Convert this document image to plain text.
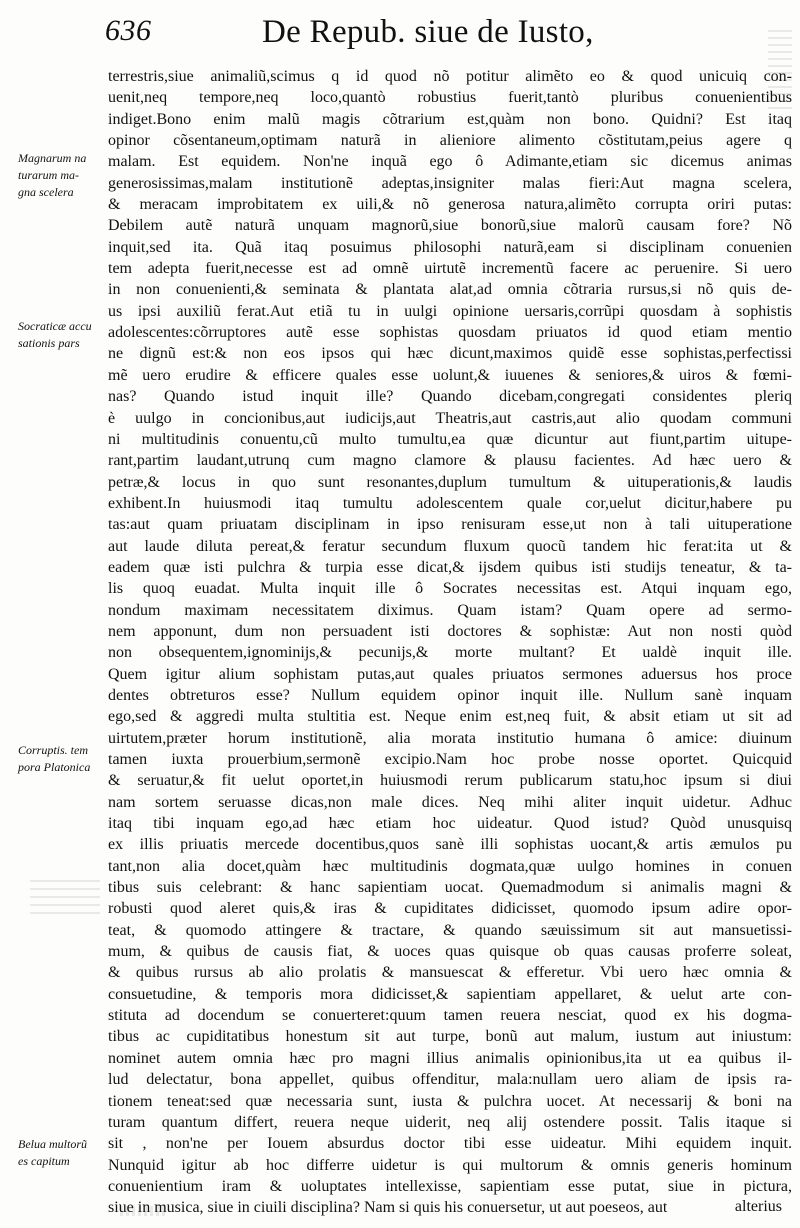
636	De Repub. siue de Iusto,
Magnarum na
turarum ma-
gna scelera
Socraticæ accu
sationis pars
Corruptis. tem
pora Platonica
Belua multorũ
es capitum
terrestris,siue animaliũ,scimus q id quod nõ potitur alimẽto eo & quod unicuiq con-
uenit,neq tempore,neq loco,quantò robustius fuerit,tantò pluribus conuenientibus
indiget.Bono enim malũ magis cõtrarium est,quàm non bono. Quidni? Est itaq
opinor cõsentaneum,optimam naturã in alieniore alimento cõstitutam,peius agere q
malam. Est equidem. Non'ne inquã ego ô Adimante,etiam sic dicemus animas
generosissimas,malam institutionẽ adeptas,insigniter malas fieri:Aut magna scelera,
& meracam improbitatem ex uili,& nõ generosa natura,alimẽto corrupta oriri putas:
Debilem autẽ naturã unquam magnorũ,siue bonorũ,siue malorũ causam fore? Nõ
inquit,sed ita. Quã itaq posuimus philosophi naturã,eam si disciplinam conuenien
tem adepta fuerit,necesse est ad omnẽ uirtutẽ incrementũ facere ac peruenire. Si uero
in non conuenienti,& seminata & plantata alat,ad omnia cõtraria rursus,si nõ quis de-
us ipsi auxiliũ ferat.Aut etiã tu in uulgi opinione uersaris,corrũpi quosdam à sophistis
adolescentes:cõrruptores autẽ esse sophistas quosdam priuatos id quod etiam mentio
ne dignũ est:& non eos ipsos qui hæc dicunt,maximos quidẽ esse sophistas,perfectissi
mẽ uero erudire & efficere quales esse uolunt,& iuuenes & seniores,& uiros & fœmi-
nas? Quando istud inquit ille? Quando dicebam,congregati considentes pleriq
è uulgo in concionibus,aut iudicijs,aut Theatris,aut castris,aut alio quodam communi
ni multitudinis conuentu,cũ multo tumultu,ea quæ dicuntur aut fiunt,partim uitupe-
rant,partim laudant,utrunq cum magno clamore & plausu facientes. Ad hæc uero &
petræ,& locus in quo sunt resonantes,duplum tumultum & uituperationis,& laudis
exhibent.In huiusmodi itaq tumultu adolescentem quale cor,uelut dicitur,habere pu
tas:aut quam priuatam disciplinam in ipso renisuram esse,ut non à tali uituperatione
aut laude diluta pereat,& feratur secundum fluxum quocũ tandem hic ferat:ita ut &
eadem quæ isti pulchra & turpia esse dicat,& ijsdem quibus isti studijs teneatur, & ta-
lis quoq euadat. Multa inquit ille ô Socrates necessitas est. Atqui inquam ego,
nondum maximam necessitatem diximus. Quam istam? Quam opere ad sermo-
nem apponunt, dum non persuadent isti doctores & sophistæ: Aut non nosti quòd
non obsequentem,ignominijs,& pecunijs,& morte multant? Et ualdè inquit ille.
Quem igitur alium sophistam putas,aut quales priuatos sermones aduersus hos proce
dentes obtreturos esse? Nullum equidem opinor inquit ille. Nullum sanè inquam
ego,sed & aggredi multa stultitia est. Neque enim est,neq fuit, & absit etiam ut sit ad
uirtutem,præter horum institutionẽ, alia morata institutio humana ô amice: diuinum
tamen iuxta prouerbium,sermonẽ excipio.Nam hoc probe nosse oportet. Quicquid
& seruatur,& fit uelut oportet,in huiusmodi rerum publicarum statu,hoc ipsum si diui
nam sortem seruasse dicas,non male dices. Neq mihi aliter inquit uidetur. Adhuc
itaq tibi inquam ego,ad hæc etiam hoc uideatur. Quod istud? Quòd unusquisq
ex illis priuatis mercede docentibus,quos sanè illi sophistas uocant,& artis æmulos pu
tant,non alia docet,quàm hæc multitudinis dogmata,quæ uulgo homines in conuen
tibus suis celebrant: & hanc sapientiam uocat. Quemadmodum si animalis magni &
robusti quod aleret quis,& iras & cupiditates didicisset, quomodo ipsum adire opor-
teat, & quomodo attingere & tractare, & quando sæuissimum sit aut mansuetissi-
mum, & quibus de causis fiat, & uoces quas quisque ob quas causas proferre soleat,
& quibus rursus ab alio prolatis & mansuescat & efferetur. Vbi uero hæc omnia &
consuetudine, & temporis mora didicisset,& sapientiam appellaret, & uelut arte con-
stituta ad docendum se conuerteret:quum tamen reuera nesciat, quod ex his dogma-
tibus ac cupiditatibus honestum sit aut turpe, bonũ aut malum, iustum aut iniustum:
nominet autem omnia hæc pro magni illius animalis opinionibus,ita ut ea quibus il-
lud delectatur, bona appellet, quibus offenditur, mala:nullam uero aliam de ipsis ra-
tionem teneat:sed quæ necessaria sunt, iusta & pulchra uocet. At necessarij & boni na
turam quantum differt, reuera neque uiderit, neq alij ostendere possit. Talis itaque si
sit , non'ne per Iouem absurdus doctor tibi esse uideatur. Mihi equidem inquit.
Nunquid igitur ab hoc differre uidetur is qui multorum & omnis generis hominum
conuenientium iram & uoluptates intellexisse, sapientiam esse putat, siue in pictura,
siue in musica, siue in ciuili disciplina? Nam si quis his conuersetur, ut aut poeseos, aut	alterius
